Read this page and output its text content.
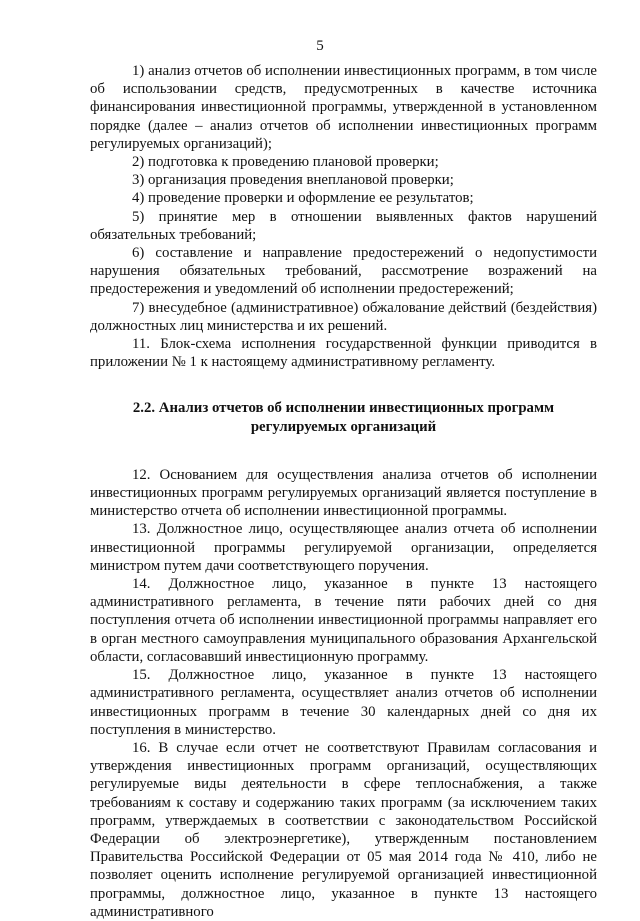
5

1) анализ отчетов об исполнении инвестиционных программ, в том числе об использовании средств, предусмотренных в качестве источника финансирования инвестиционной программы, утвержденной в установленном порядке (далее – анализ отчетов об исполнении инвестиционных программ регулируемых организаций);

2) подготовка к проведению плановой проверки;

3) организация проведения внеплановой проверки;

4) проведение проверки и оформление ее результатов;

5) принятие мер в отношении выявленных фактов нарушений обязательных требований;

6) составление и направление предостережений о недопустимости нарушения обязательных требований, рассмотрение возражений на предостережения и уведомлений об исполнении предостережений;

7) внесудебное (административное) обжалование действий (бездействия) должностных лиц министерства и их решений.

11. Блок-схема исполнения государственной функции приводится в приложении № 1 к настоящему административному регламенту.

2.2. Анализ отчетов об исполнении инвестиционных программ
регулируемых организаций

12. Основанием для осуществления анализа отчетов об исполнении инвестиционных программ регулируемых организаций является поступление в министерство отчета об исполнении инвестиционной программы.

13. Должностное лицо, осуществляющее анализ отчета об исполнении инвестиционной программы регулируемой организации, определяется министром путем дачи соответствующего поручения.

14. Должностное лицо, указанное в пункте 13 настоящего административного регламента, в течение пяти рабочих дней со дня поступления отчета об исполнении инвестиционной программы направляет его в орган местного самоуправления муниципального образования Архангельской области, согласовавший инвестиционную программу.

15. Должностное лицо, указанное в пункте 13 настоящего административного регламента, осуществляет анализ отчетов об исполнении инвестиционных программ в течение 30 календарных дней со дня их поступления в министерство.

16. В случае если отчет не соответствуют Правилам согласования и утверждения инвестиционных программ организаций, осуществляющих регулируемые виды деятельности в сфере теплоснабжения, а также требованиям к составу и содержанию таких программ (за исключением таких программ, утверждаемых в соответствии с законодательством Российской Федерации об электроэнергетике), утвержденным постановлением Правительства Российской Федерации от 05 мая 2014 года № 410, либо не позволяет оценить исполнение регулируемой организацией инвестиционной программы, должностное лицо, указанное в пункте 13 настоящего административного
